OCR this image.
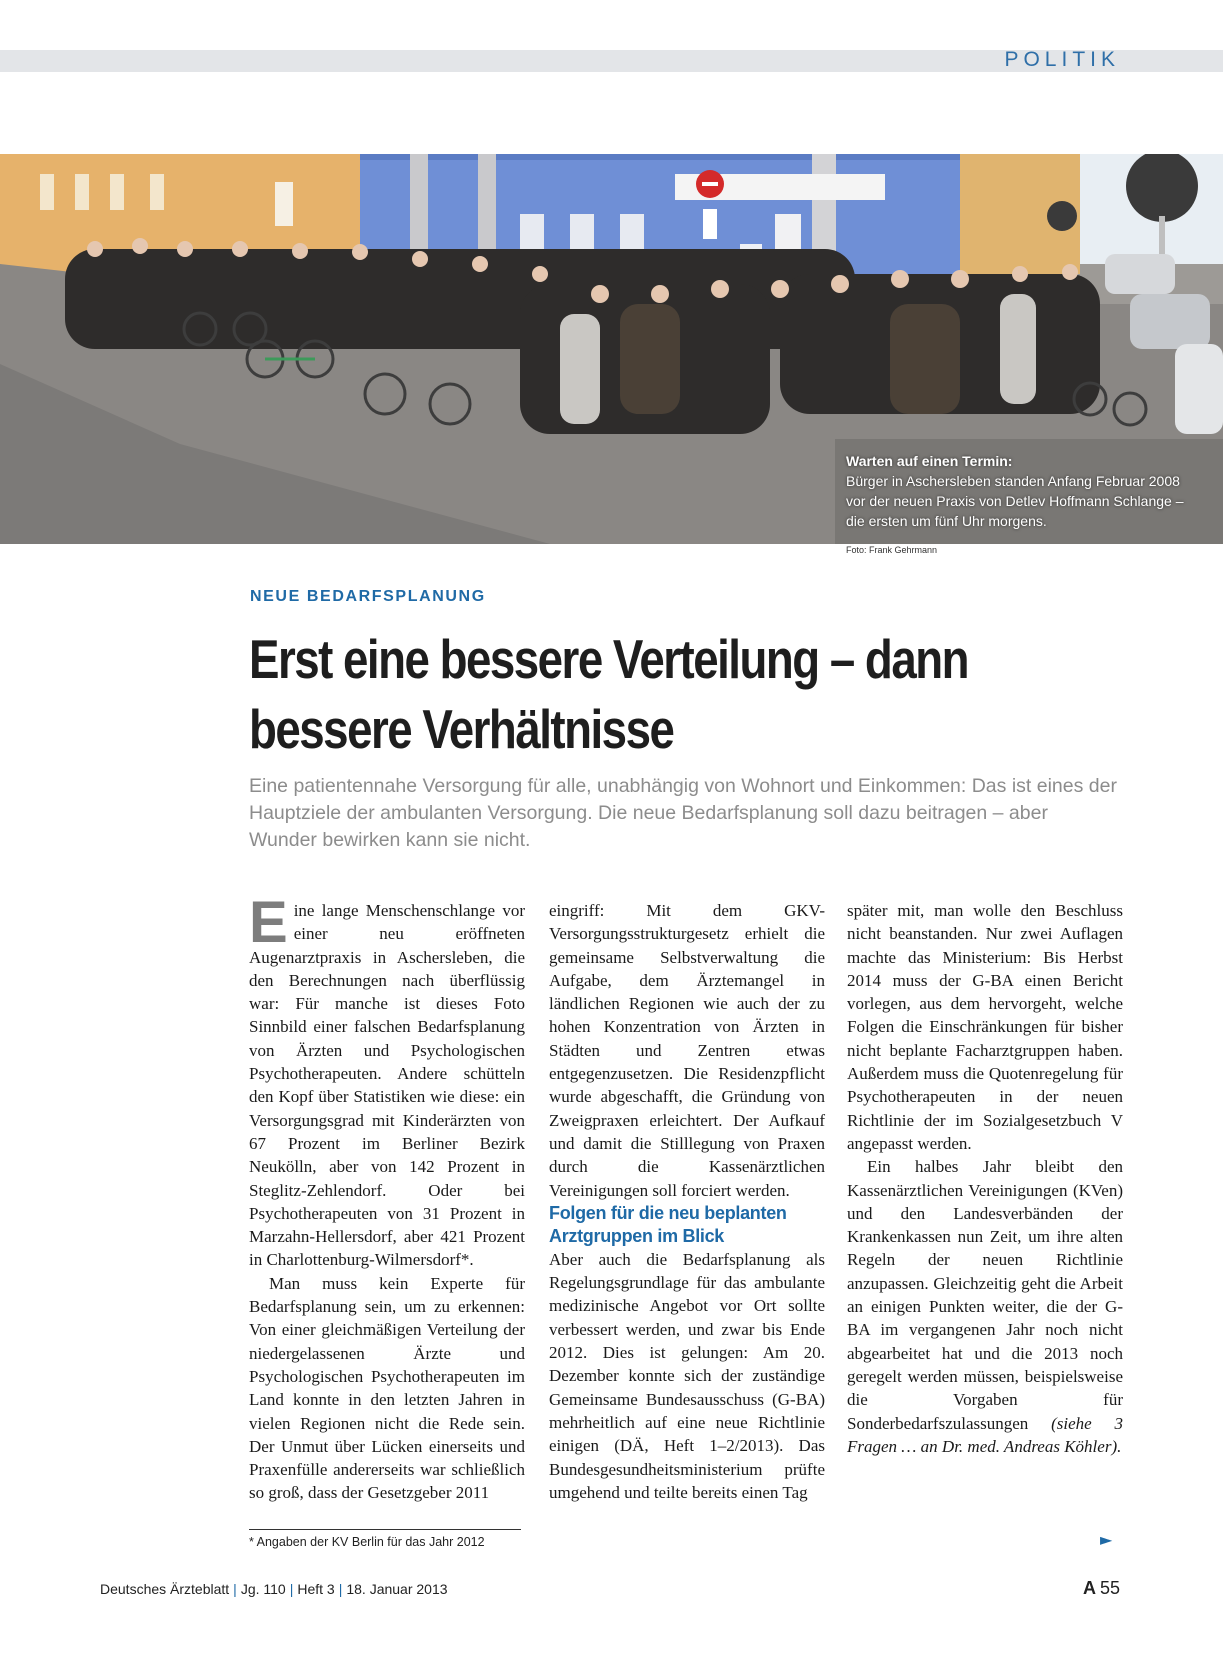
POLITIK
Warten auf einen Termin:
Bürger in Aschersleben standen Anfang Februar 2008 vor der neuen Praxis von Detlev Hoffmann Schlange – die ersten um fünf Uhr morgens.
Foto: Frank Gehrmann
NEUE BEDARFSPLANUNG
Erst eine bessere Verteilung – dann bessere Verhältnisse
Eine patientennahe Versorgung für alle, unabhängig von Wohnort und Einkommen: Das ist eines der Hauptziele der ambulanten Versorgung. Die neue Bedarfsplanung soll dazu beitragen – aber Wunder bewirken kann sie nicht.

Eine lange Menschenschlange vor einer neu eröffneten Augenarztpraxis in Aschersleben, die den Berechnungen nach überflüssig war: Für manche ist dieses Foto Sinnbild einer falschen Bedarfsplanung von Ärzten und Psychologischen Psychotherapeuten. Andere schütteln den Kopf über Statistiken wie diese: ein Versorgungsgrad mit Kinderärzten von 67 Prozent im Berliner Bezirk Neukölln, aber von 142 Prozent in Steglitz-Zehlendorf. Oder bei Psychotherapeuten von 31 Prozent in Marzahn-Hellersdorf, aber 421 Prozent in Charlottenburg-Wilmersdorf*.

Man muss kein Experte für Bedarfsplanung sein, um zu erkennen: Von einer gleichmäßigen Verteilung der niedergelassenen Ärzte und Psychologischen Psychotherapeuten im Land konnte in den letzten Jahren in vielen Regionen nicht die Rede sein. Der Unmut über Lücken einerseits und Praxenfülle andererseits war schließlich so groß, dass der Gesetzgeber 2011

eingriff: Mit dem GKV-Versorgungsstrukturgesetz erhielt die gemeinsame Selbstverwaltung die Aufgabe, dem Ärztemangel in ländlichen Regionen wie auch der zu hohen Konzentration von Ärzten in Städten und Zentren etwas entgegenzusetzen. Die Residenzpflicht wurde abgeschafft, die Gründung von Zweigpraxen erleichtert. Der Aufkauf und damit die Stilllegung von Praxen durch die Kassenärztlichen Vereinigungen soll forciert werden.

Folgen für die neu beplanten Arztgruppen im Blick

Aber auch die Bedarfsplanung als Regelungsgrundlage für das ambulante medizinische Angebot vor Ort sollte verbessert werden, und zwar bis Ende 2012. Dies ist gelungen: Am 20. Dezember konnte sich der zuständige Gemeinsame Bundesausschuss (G-BA) mehrheitlich auf eine neue Richtlinie einigen (DÄ, Heft 1–2/2013). Das Bundesgesundheitsministerium prüfte umgehend und teilte bereits einen Tag

später mit, man wolle den Beschluss nicht beanstanden. Nur zwei Auflagen machte das Ministerium: Bis Herbst 2014 muss der G-BA einen Bericht vorlegen, aus dem hervorgeht, welche Folgen die Einschränkungen für bisher nicht beplante Facharztgruppen haben. Außerdem muss die Quotenregelung für Psychotherapeuten in der neuen Richtlinie der im Sozialgesetzbuch V angepasst werden.

Ein halbes Jahr bleibt den Kassenärztlichen Vereinigungen (KVen) und den Landesverbänden der Krankenkassen nun Zeit, um ihre alten Regeln der neuen Richtlinie anzupassen. Gleichzeitig geht die Arbeit an einigen Punkten weiter, die der G-BA im vergangenen Jahr noch nicht abgearbeitet hat und die 2013 noch geregelt werden müssen, beispielsweise die Vorgaben für Sonderbedarfszulassungen (siehe 3 Fragen … an Dr. med. Andreas Köhler).

* Angaben der KV Berlin für das Jahr 2012	►
Deutsches Ärzteblatt | Jg. 110 | Heft 3 | 18. Januar 2013	A 55
